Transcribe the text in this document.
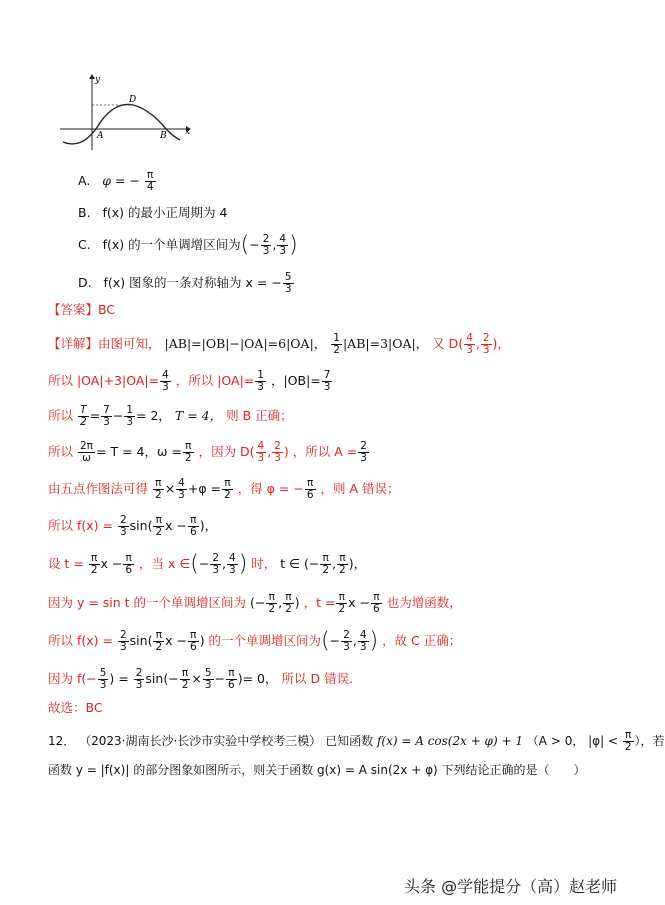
y
x
D
A	B
A. φ = − $\frac{\pi}{4}$
B. f(x) 的最小正周期为 4
C. f(x) 的一个单调增区间为(− $\frac{2}{3}$ , $\frac{4}{3}$ )
D. f(x) 图象的一条对称轴为 x = − $\frac{5}{3}$
【答案】BC
【详解】由图可知， |AB|=|OB|−|OA|=6|OA|， $\frac{1}{2} |AB|=3|OA|$， 又 $D( \frac{4}{3}$ , $\frac{2}{3}$ )，
所以 $|OA|+3|OA|= \frac{4}{3}$ ，所以 $|OA|= \frac{1}{3}$ ，$|OB|= \frac{7}{3}$
所以 $\frac{T}{2} = \frac{7}{3} - \frac{1}{3} = 2$， T = 4， 则 B 正确；
所以 $\frac{2\pi}{\omega} = T = 4$，$\omega = \frac{\pi}{2}$ ，因为 $D( \frac{4}{3}$ , $\frac{2}{3}$ ) ，所以 $A = \frac{2}{3}$
由五点作图法可得 $\frac{\pi}{2} \times \frac{4}{3} +\varphi = \frac{\pi}{2}$ ，得 φ = − $\frac{\pi}{6}$ ，则 A 错误；
所以 $f(x) = \frac{2}{3} \sin( \frac{\pi}{2}$ $x - \frac{\pi}{6}$ )，
设 $t = \frac{\pi}{2}$ $x - \frac{\pi}{6}$ ，当 x ∈(− $\frac{2}{3}$ , $\frac{4}{3}$ ) 时， t ∈ (− $\frac{\pi}{2}$ , $\frac{\pi}{2}$ )，
因为 y = sin t 的一个单调增区间为 (− $\frac{\pi}{2}$ , $\frac{\pi}{2}$ ) ，$t = \frac{\pi}{2}$ $x - \frac{\pi}{6}$ 也为增函数，
所以 $f(x) = \frac{2}{3} \sin( \frac{\pi}{2}$ $x - \frac{\pi}{6}$ ) 的一个单调增区间为(− $\frac{2}{3}$ , $\frac{4}{3}$ ) ，故 C 正确；
因为 $f(- \frac{5}{3}$ ) = $\frac{2}{3} \sin(- \frac{\pi}{2} \times \frac{5}{3} - \frac{\pi}{6}$ )= 0， 所以 D 错误.
故选：BC
12． （2023·湖南长沙·长沙市实验中学校考三模） 已知函数 f(x) = A cos(2x + φ) + 1 （A > 0， $|\varphi| < \frac{\pi}{2}$ ），若
函数 y = |f(x)| 的部分图象如图所示，则关于函数 g(x) = A sin(2x + φ) 下列结论正确的是（　　）
头条 @学能提分（高）赵老师
